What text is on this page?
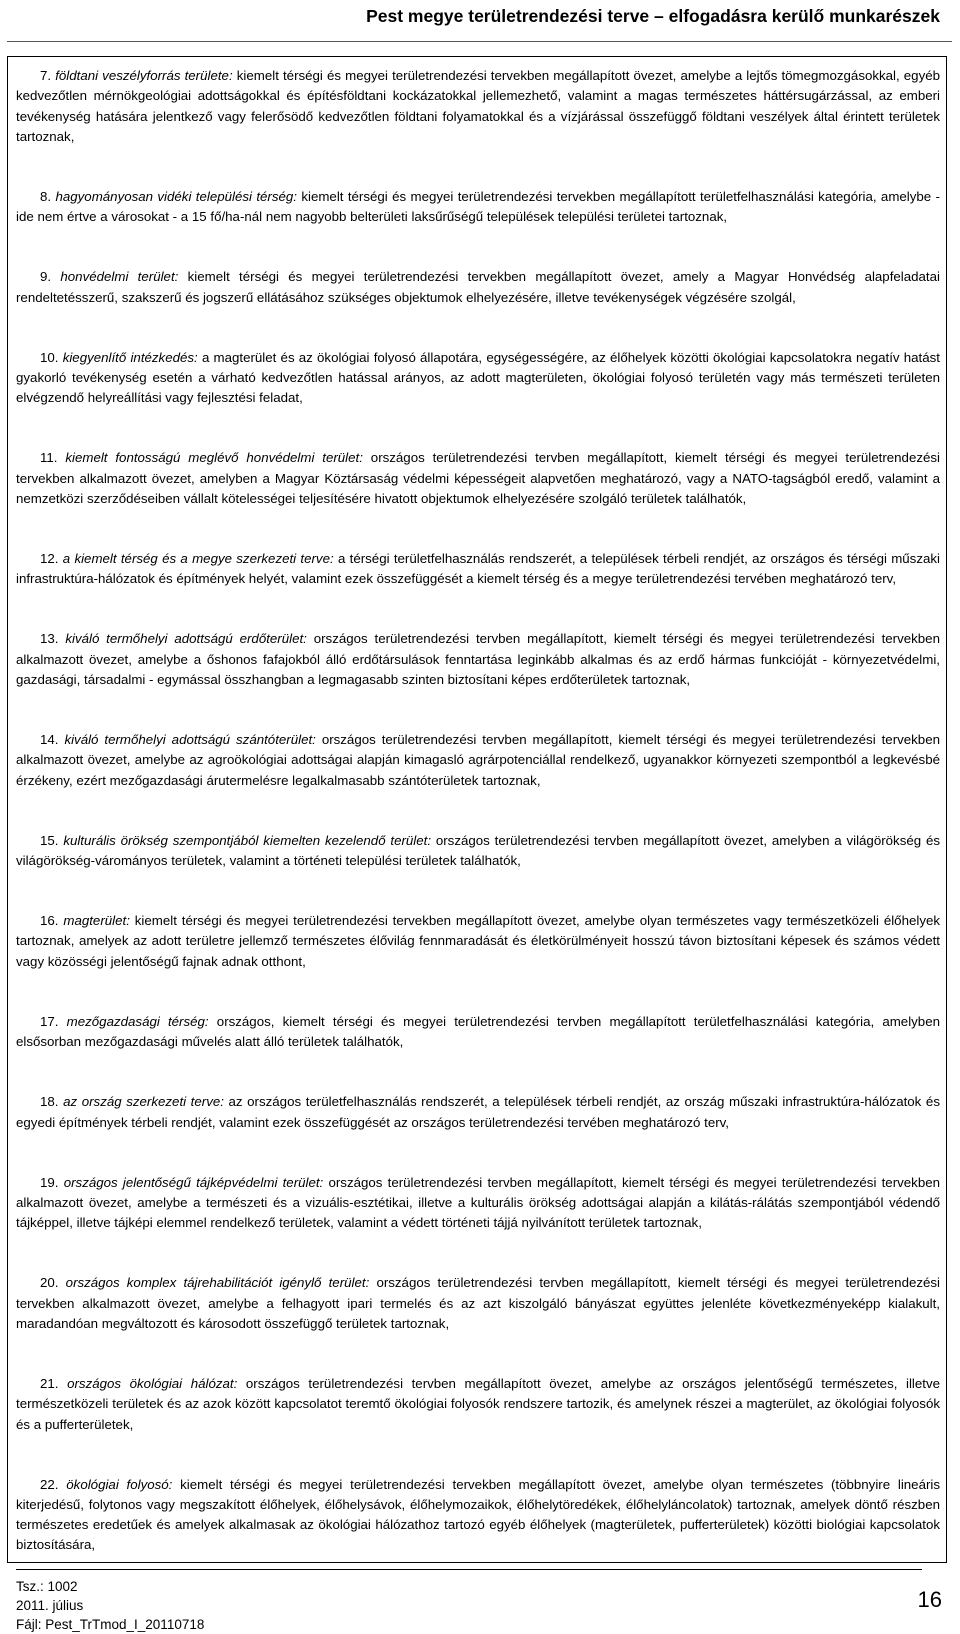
Pest megye területrendezési terve – elfogadásra kerülő munkarészek

7. földtani veszélyforrás területe: kiemelt térségi és megyei területrendezési tervekben megállapított övezet, amelybe a lejtős tömegmozgásokkal, egyéb kedvezőtlen mérnökgeológiai adottságokkal és építésföldtani kockázatokkal jellemezhető, valamint a magas természetes háttérsugárzással, az emberi tevékenység hatására jelentkező vagy felerősödő kedvezőtlen földtani folyamatokkal és a vízjárással összefüggő földtani veszélyek által érintett területek tartoznak,

8. hagyományosan vidéki települési térség: kiemelt térségi és megyei területrendezési tervekben megállapított területfelhasználási kategória, amelybe - ide nem értve a városokat - a 15 fő/ha-nál nem nagyobb belterületi laksűrűségű települések települési területei tartoznak,

9. honvédelmi terület: kiemelt térségi és megyei területrendezési tervekben megállapított övezet, amely a Magyar Honvédség alapfeladatai rendeltetésszerű, szakszerű és jogszerű ellátásához szükséges objektumok elhelyezésére, illetve tevékenységek végzésére szolgál,

10. kiegyenlítő intézkedés: a magterület és az ökológiai folyosó állapotára, egységességére, az élőhelyek közötti ökológiai kapcsolatokra negatív hatást gyakorló tevékenység esetén a várható kedvezőtlen hatással arányos, az adott magterületen, ökológiai folyosó területén vagy más természeti területen elvégzendő helyreállítási vagy fejlesztési feladat,

11. kiemelt fontosságú meglévő honvédelmi terület: országos területrendezési tervben megállapított, kiemelt térségi és megyei területrendezési tervekben alkalmazott övezet, amelyben a Magyar Köztársaság védelmi képességeit alapvetően meghatározó, vagy a NATO-tagságból eredő, valamint a nemzetközi szerződéseiben vállalt kötelességei teljesítésére hivatott objektumok elhelyezésére szolgáló területek találhatók,

12. a kiemelt térség és a megye szerkezeti terve: a térségi területfelhasználás rendszerét, a települések térbeli rendjét, az országos és térségi műszaki infrastruktúra-hálózatok és építmények helyét, valamint ezek összefüggését a kiemelt térség és a megye területrendezési tervében meghatározó terv,

13. kiváló termőhelyi adottságú erdőterület: országos területrendezési tervben megállapított, kiemelt térségi és megyei területrendezési tervekben alkalmazott övezet, amelybe a őshonos fafajokból álló erdőtársulások fenntartása leginkább alkalmas és az erdő hármas funkcióját - környezetvédelmi, gazdasági, társadalmi - egymással összhangban a legmagasabb szinten biztosítani képes erdőterületek tartoznak,

14. kiváló termőhelyi adottságú szántóterület: országos területrendezési tervben megállapított, kiemelt térségi és megyei területrendezési tervekben alkalmazott övezet, amelybe az agroökológiai adottságai alapján kimagasló agrárpotenciállal rendelkező, ugyanakkor környezeti szempontból a legkevésbé érzékeny, ezért mezőgazdasági árutermelésre legalkalmasabb szántóterületek tartoznak,

15. kulturális örökség szempontjából kiemelten kezelendő terület: országos területrendezési tervben megállapított övezet, amelyben a világörökség és világörökség-várományos területek, valamint a történeti települési területek találhatók,

16. magterület: kiemelt térségi és megyei területrendezési tervekben megállapított övezet, amelybe olyan természetes vagy természetközeli élőhelyek tartoznak, amelyek az adott területre jellemző természetes élővilág fennmaradását és életkörülményeit hosszú távon biztosítani képesek és számos védett vagy közösségi jelentőségű fajnak adnak otthont,

17. mezőgazdasági térség: országos, kiemelt térségi és megyei területrendezési tervben megállapított területfelhasználási kategória, amelyben elsősorban mezőgazdasági művelés alatt álló területek találhatók,

18. az ország szerkezeti terve: az országos területfelhasználás rendszerét, a települések térbeli rendjét, az ország műszaki infrastruktúra-hálózatok és egyedi építmények térbeli rendjét, valamint ezek összefüggését az országos területrendezési tervében meghatározó terv,

19. országos jelentőségű tájképvédelmi terület: országos területrendezési tervben megállapított, kiemelt térségi és megyei területrendezési tervekben alkalmazott övezet, amelybe a természeti és a vizuális-esztétikai, illetve a kulturális örökség adottságai alapján a kilátás-rálátás szempontjából védendő tájképpel, illetve tájképi elemmel rendelkező területek, valamint a védett történeti tájjá nyilvánított területek tartoznak,

20. országos komplex tájrehabilitációt igénylő terület: országos területrendezési tervben megállapított, kiemelt térségi és megyei területrendezési tervekben alkalmazott övezet, amelybe a felhagyott ipari termelés és az azt kiszolgáló bányászat együttes jelenléte következményeképp kialakult, maradandóan megváltozott és károsodott összefüggő területek tartoznak,

21. országos ökológiai hálózat: országos területrendezési tervben megállapított övezet, amelybe az országos jelentőségű természetes, illetve természetközeli területek és az azok között kapcsolatot teremtő ökológiai folyosók rendszere tartozik, és amelynek részei a magterület, az ökológiai folyosók és a pufferterületek,

22. ökológiai folyosó: kiemelt térségi és megyei területrendezési tervekben megállapított övezet, amelybe olyan természetes (többnyire lineáris kiterjedésű, folytonos vagy megszakított élőhelyek, élőhelysávok, élőhelymozaikok, élőhelytöredékek, élőhelyláncolatok) tartoznak, amelyek döntő részben természetes eredetűek és amelyek alkalmasak az ökológiai hálózathoz tartozó egyéb élőhelyek (magterületek, pufferterületek) közötti biológiai kapcsolatok biztosítására,

Tsz.: 1002
2011. július
Fájl: Pest_TrTmod_I_20110718
16
